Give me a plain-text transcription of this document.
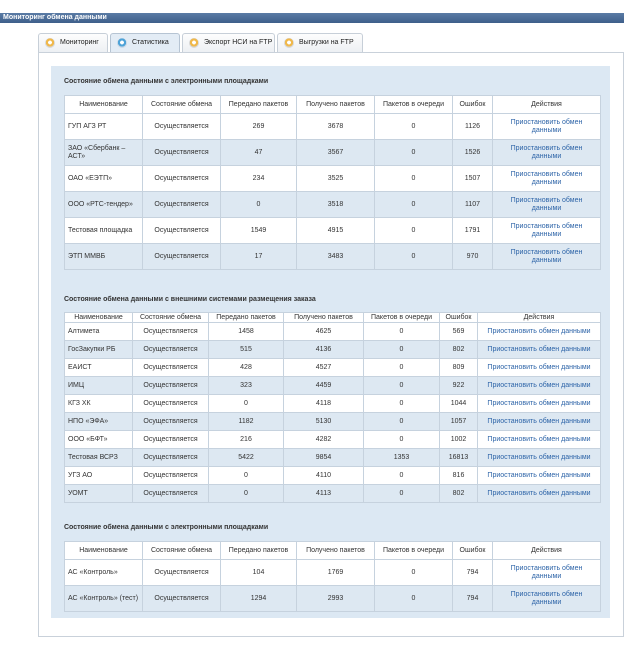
Мониторинг обмена данными
Мониторинг	Статистика	Экспорт НСИ на FTP	Выгрузки на FTP
Состояние обмена данными с электронными площадками
Наименование	Состояние обмена	Передано пакетов	Получено пакетов	Пакетов в очереди	Ошибок	Действия
ГУП АГЗ РТ	Осуществляется	269	3678	0	1126	Приостановить обмен данными
ЗАО «Сбербанк – АСТ»	Осуществляется	47	3567	0	1526	Приостановить обмен данными
ОАО «ЕЭТП»	Осуществляется	234	3525	0	1507	Приостановить обмен данными
ООО «РТС-тендер»	Осуществляется	0	3518	0	1107	Приостановить обмен данными
Тестовая площадка	Осуществляется	1549	4915	0	1791	Приостановить обмен данными
ЭТП ММВБ	Осуществляется	17	3483	0	970	Приостановить обмен данными
Состояние обмена данными с внешними системами размещения заказа
Наименование	Состояние обмена	Передано пакетов	Получено пакетов	Пакетов в очереди	Ошибок	Действия
Алтимета	Осуществляется	1458	4625	0	569	Приостановить обмен данными
ГосЗакупки РБ	Осуществляется	515	4136	0	802	Приостановить обмен данными
ЕАИСТ	Осуществляется	428	4527	0	809	Приостановить обмен данными
ИМЦ	Осуществляется	323	4459	0	922	Приостановить обмен данными
КГЗ ХК	Осуществляется	0	4118	0	1044	Приостановить обмен данными
НПО «ЭФА»	Осуществляется	1182	5130	0	1057	Приостановить обмен данными
ООО «БФТ»	Осуществляется	216	4282	0	1002	Приостановить обмен данными
Тестовая ВСРЗ	Осуществляется	5422	9854	1353	16813	Приостановить обмен данными
УГЗ АО	Осуществляется	0	4110	0	816	Приостановить обмен данными
УОМТ	Осуществляется	0	4113	0	802	Приостановить обмен данными
Состояние обмена данными с электронными площадками
Наименование	Состояние обмена	Передано пакетов	Получено пакетов	Пакетов в очереди	Ошибок	Действия
АС «Контроль»	Осуществляется	104	1769	0	794	Приостановить обмен данными
АС «Контроль» (тест)	Осуществляется	1294	2993	0	794	Приостановить обмен данными
